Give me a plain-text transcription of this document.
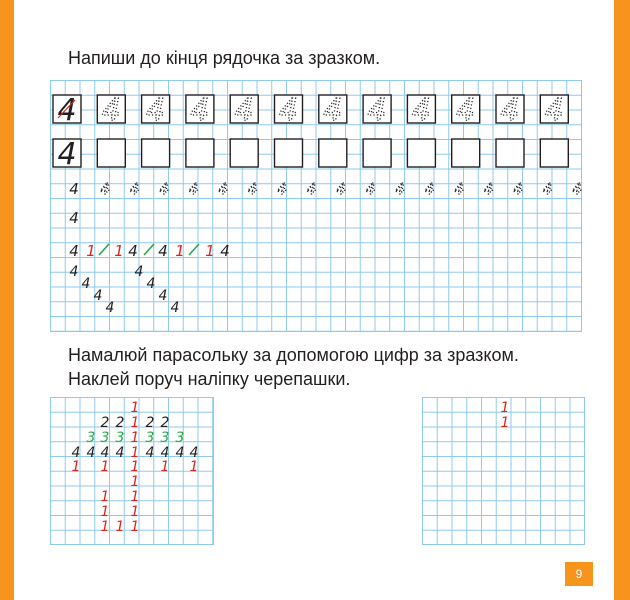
Напиши до кінця рядочка за зразком.

Намалюй парасольку за допомогою цифр за зразком.
Наклей поруч наліпку черепашки.

4 4 4 4 4 4 4 4 4 4 4 4
4
4 4 4 4 4 4 4 4 4 4 4 4 4 4 4 4 4 4
4
4 1 1 4 4 1 1 4
4
4
4
4
4
4
4
4
1
2 2 1 2 2
3 3 3 1 3 3 3
4 4 4 4 1 4 4 4 4
1 1	1 1
1
1
1
1
1
1
1 1
1
1
1
9
